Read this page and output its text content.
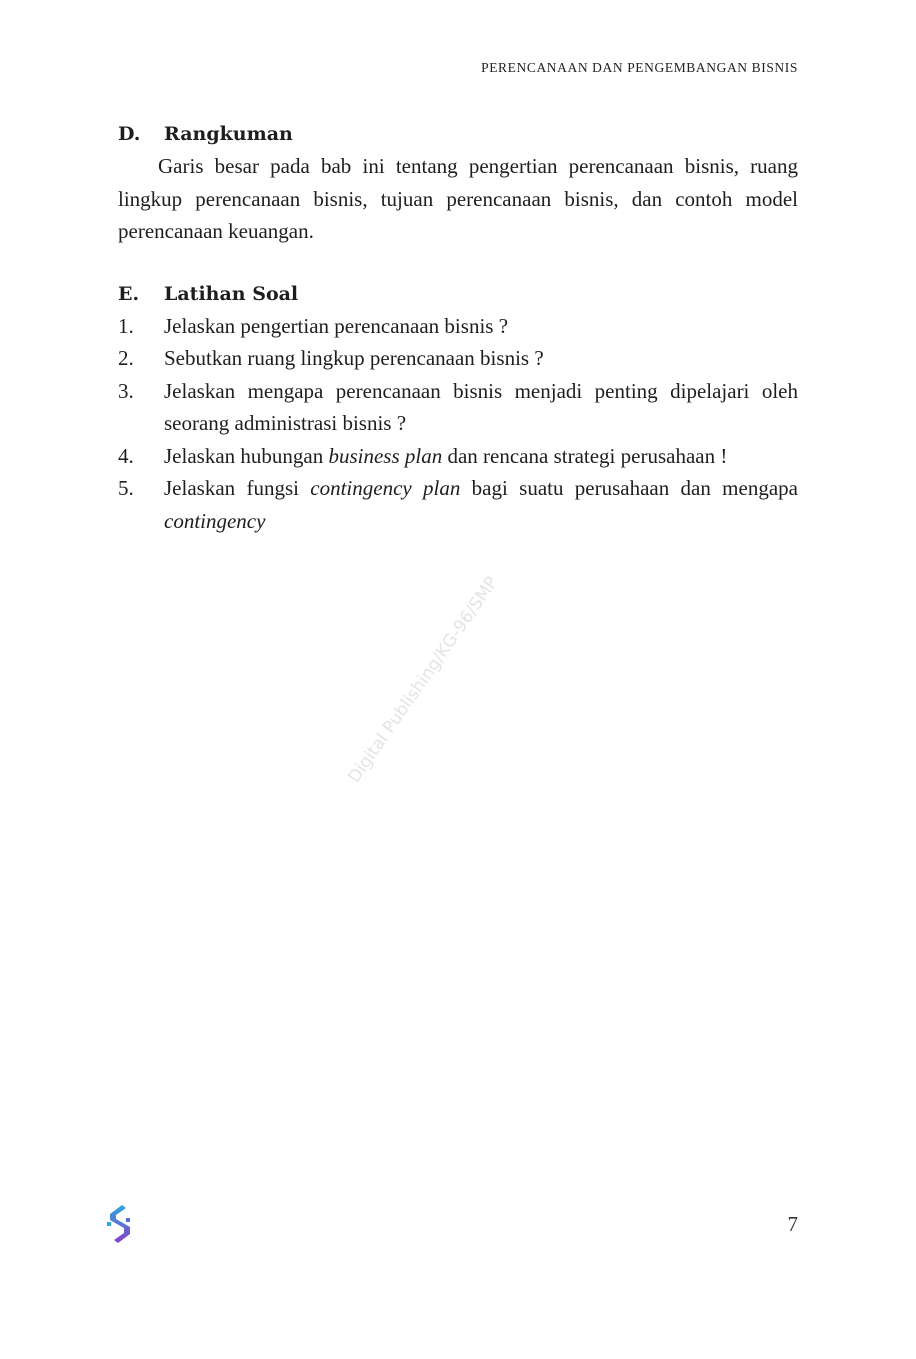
PERENCANAAN DAN PENGEMBANGAN BISNIS
D.	Rangkuman

Garis besar pada bab ini tentang pengertian perencanaan bisnis, ruang lingkup perencanaan bisnis, tujuan perencanaan bisnis, dan contoh model perencanaan keuangan.

E.	Latihan Soal
1.	Jelaskan pengertian perencanaan bisnis ?
2.	Sebutkan ruang lingkup perencanaan bisnis ?
3.	Jelaskan mengapa perencanaan bisnis menjadi penting dipelajari oleh seorang administrasi bisnis ?
4.	Jelaskan hubungan business plan dan rencana strategi perusahaan !
5.	Jelaskan fungsi contingency plan bagi suatu perusahaan dan mengapa contingency
Digital Publishing/KG-96/SMP
7
